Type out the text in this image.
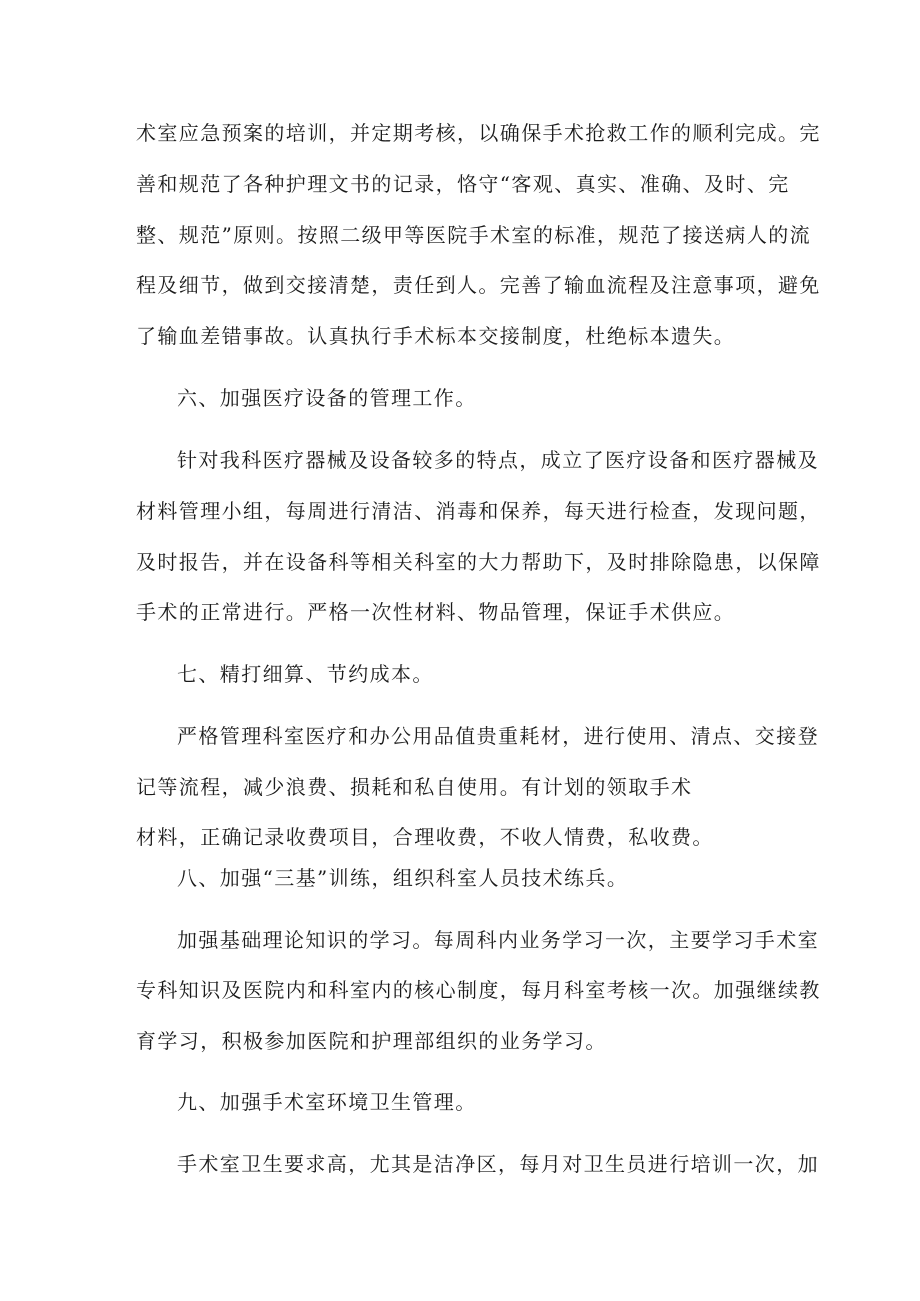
术室应急预案的培训，并定期考核，以确保手术抢救工作的顺利完成。完
善和规范了各种护理文书的记录，恪守“客观、真实、准确、及时、完
整、规范”原则。按照二级甲等医院手术室的标准，规范了接送病人的流
程及细节，做到交接清楚，责任到人。完善了输血流程及注意事项，避免
了输血差错事故。认真执行手术标本交接制度，杜绝标本遗失。
六、加强医疗设备的管理工作。
针对我科医疗器械及设备较多的特点，成立了医疗设备和医疗器械及
材料管理小组，每周进行清洁、消毒和保养，每天进行检查，发现问题，
及时报告，并在设备科等相关科室的大力帮助下，及时排除隐患，以保障
手术的正常进行。严格一次性材料、物品管理，保证手术供应。
七、精打细算、节约成本。
严格管理科室医疗和办公用品值贵重耗材，进行使用、清点、交接登
记等流程，减少浪费、损耗和私自使用。有计划的领取手术
材料，正确记录收费项目，合理收费，不收人情费，私收费。
八、加强“三基”训练，组织科室人员技术练兵。
加强基础理论知识的学习。每周科内业务学习一次，主要学习手术室
专科知识及医院内和科室内的核心制度，每月科室考核一次。加强继续教
育学习，积极参加医院和护理部组织的业务学习。
九、加强手术室环境卫生管理。
手术室卫生要求高，尤其是洁净区，每月对卫生员进行培训一次，加
